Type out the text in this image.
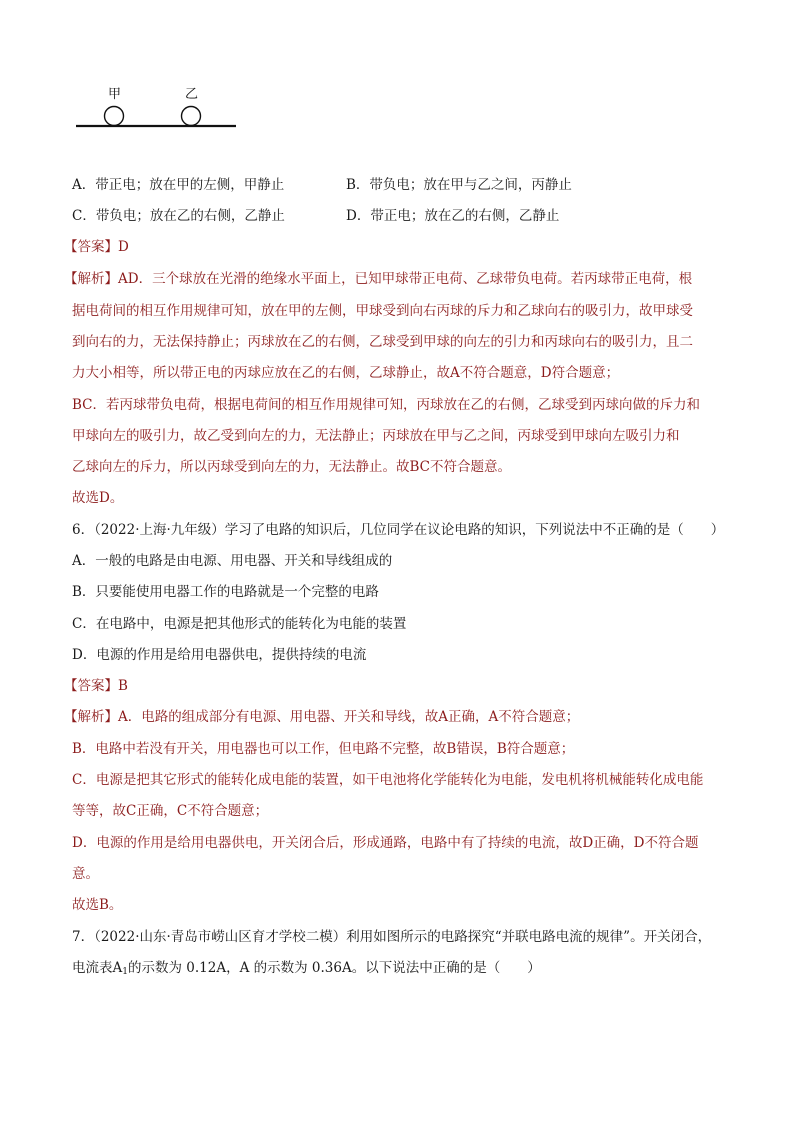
甲	乙
A．带正电；放在甲的左侧，甲静止	B．带负电；放在甲与乙之间，丙静止
C．带负电；放在乙的右侧，乙静止	D．带正电；放在乙的右侧，乙静止
【答案】D
【解析】AD．三个球放在光滑的绝缘水平面上，已知甲球带正电荷、乙球带负电荷。若丙球带正电荷，根
据电荷间的相互作用规律可知，放在甲的左侧，甲球受到向右丙球的斥力和乙球向右的吸引力，故甲球受
到向右的力，无法保持静止；丙球放在乙的右侧，乙球受到甲球的向左的引力和丙球向右的吸引力，且二
力大小相等，所以带正电的丙球应放在乙的右侧，乙球静止，故A不符合题意，D符合题意；
BC．若丙球带负电荷，根据电荷间的相互作用规律可知，丙球放在乙的右侧，乙球受到丙球向做的斥力和
甲球向左的吸引力，故乙受到向左的力，无法静止；丙球放在甲与乙之间，丙球受到甲球向左吸引力和
乙球向左的斥力，所以丙球受到向左的力，无法静止。故BC不符合题意。
故选D。
6．（2022·上海·九年级）学习了电路的知识后，几位同学在议论电路的知识，下列说法中不正确的是（　　）
A．一般的电路是由电源、用电器、开关和导线组成的
B．只要能使用电器工作的电路就是一个完整的电路
C．在电路中，电源是把其他形式的能转化为电能的装置
D．电源的作用是给用电器供电，提供持续的电流
【答案】B
【解析】A．电路的组成部分有电源、用电器、开关和导线，故A正确，A不符合题意；
B．电路中若没有开关，用电器也可以工作，但电路不完整，故B错误，B符合题意；
C．电源是把其它形式的能转化成电能的装置，如干电池将化学能转化为电能，发电机将机械能转化成电能
等等，故C正确，C不符合题意；
D．电源的作用是给用电器供电，开关闭合后，形成通路，电路中有了持续的电流，故D正确，D不符合题
意。
故选B。
7．（2022·山东·青岛市崂山区育才学校二模）利用如图所示的电路探究“并联电路电流的规律”。开关闭合，
电流表$A_1$的示数为 0.12A，A 的示数为 0.36A。以下说法中正确的是（　　）
